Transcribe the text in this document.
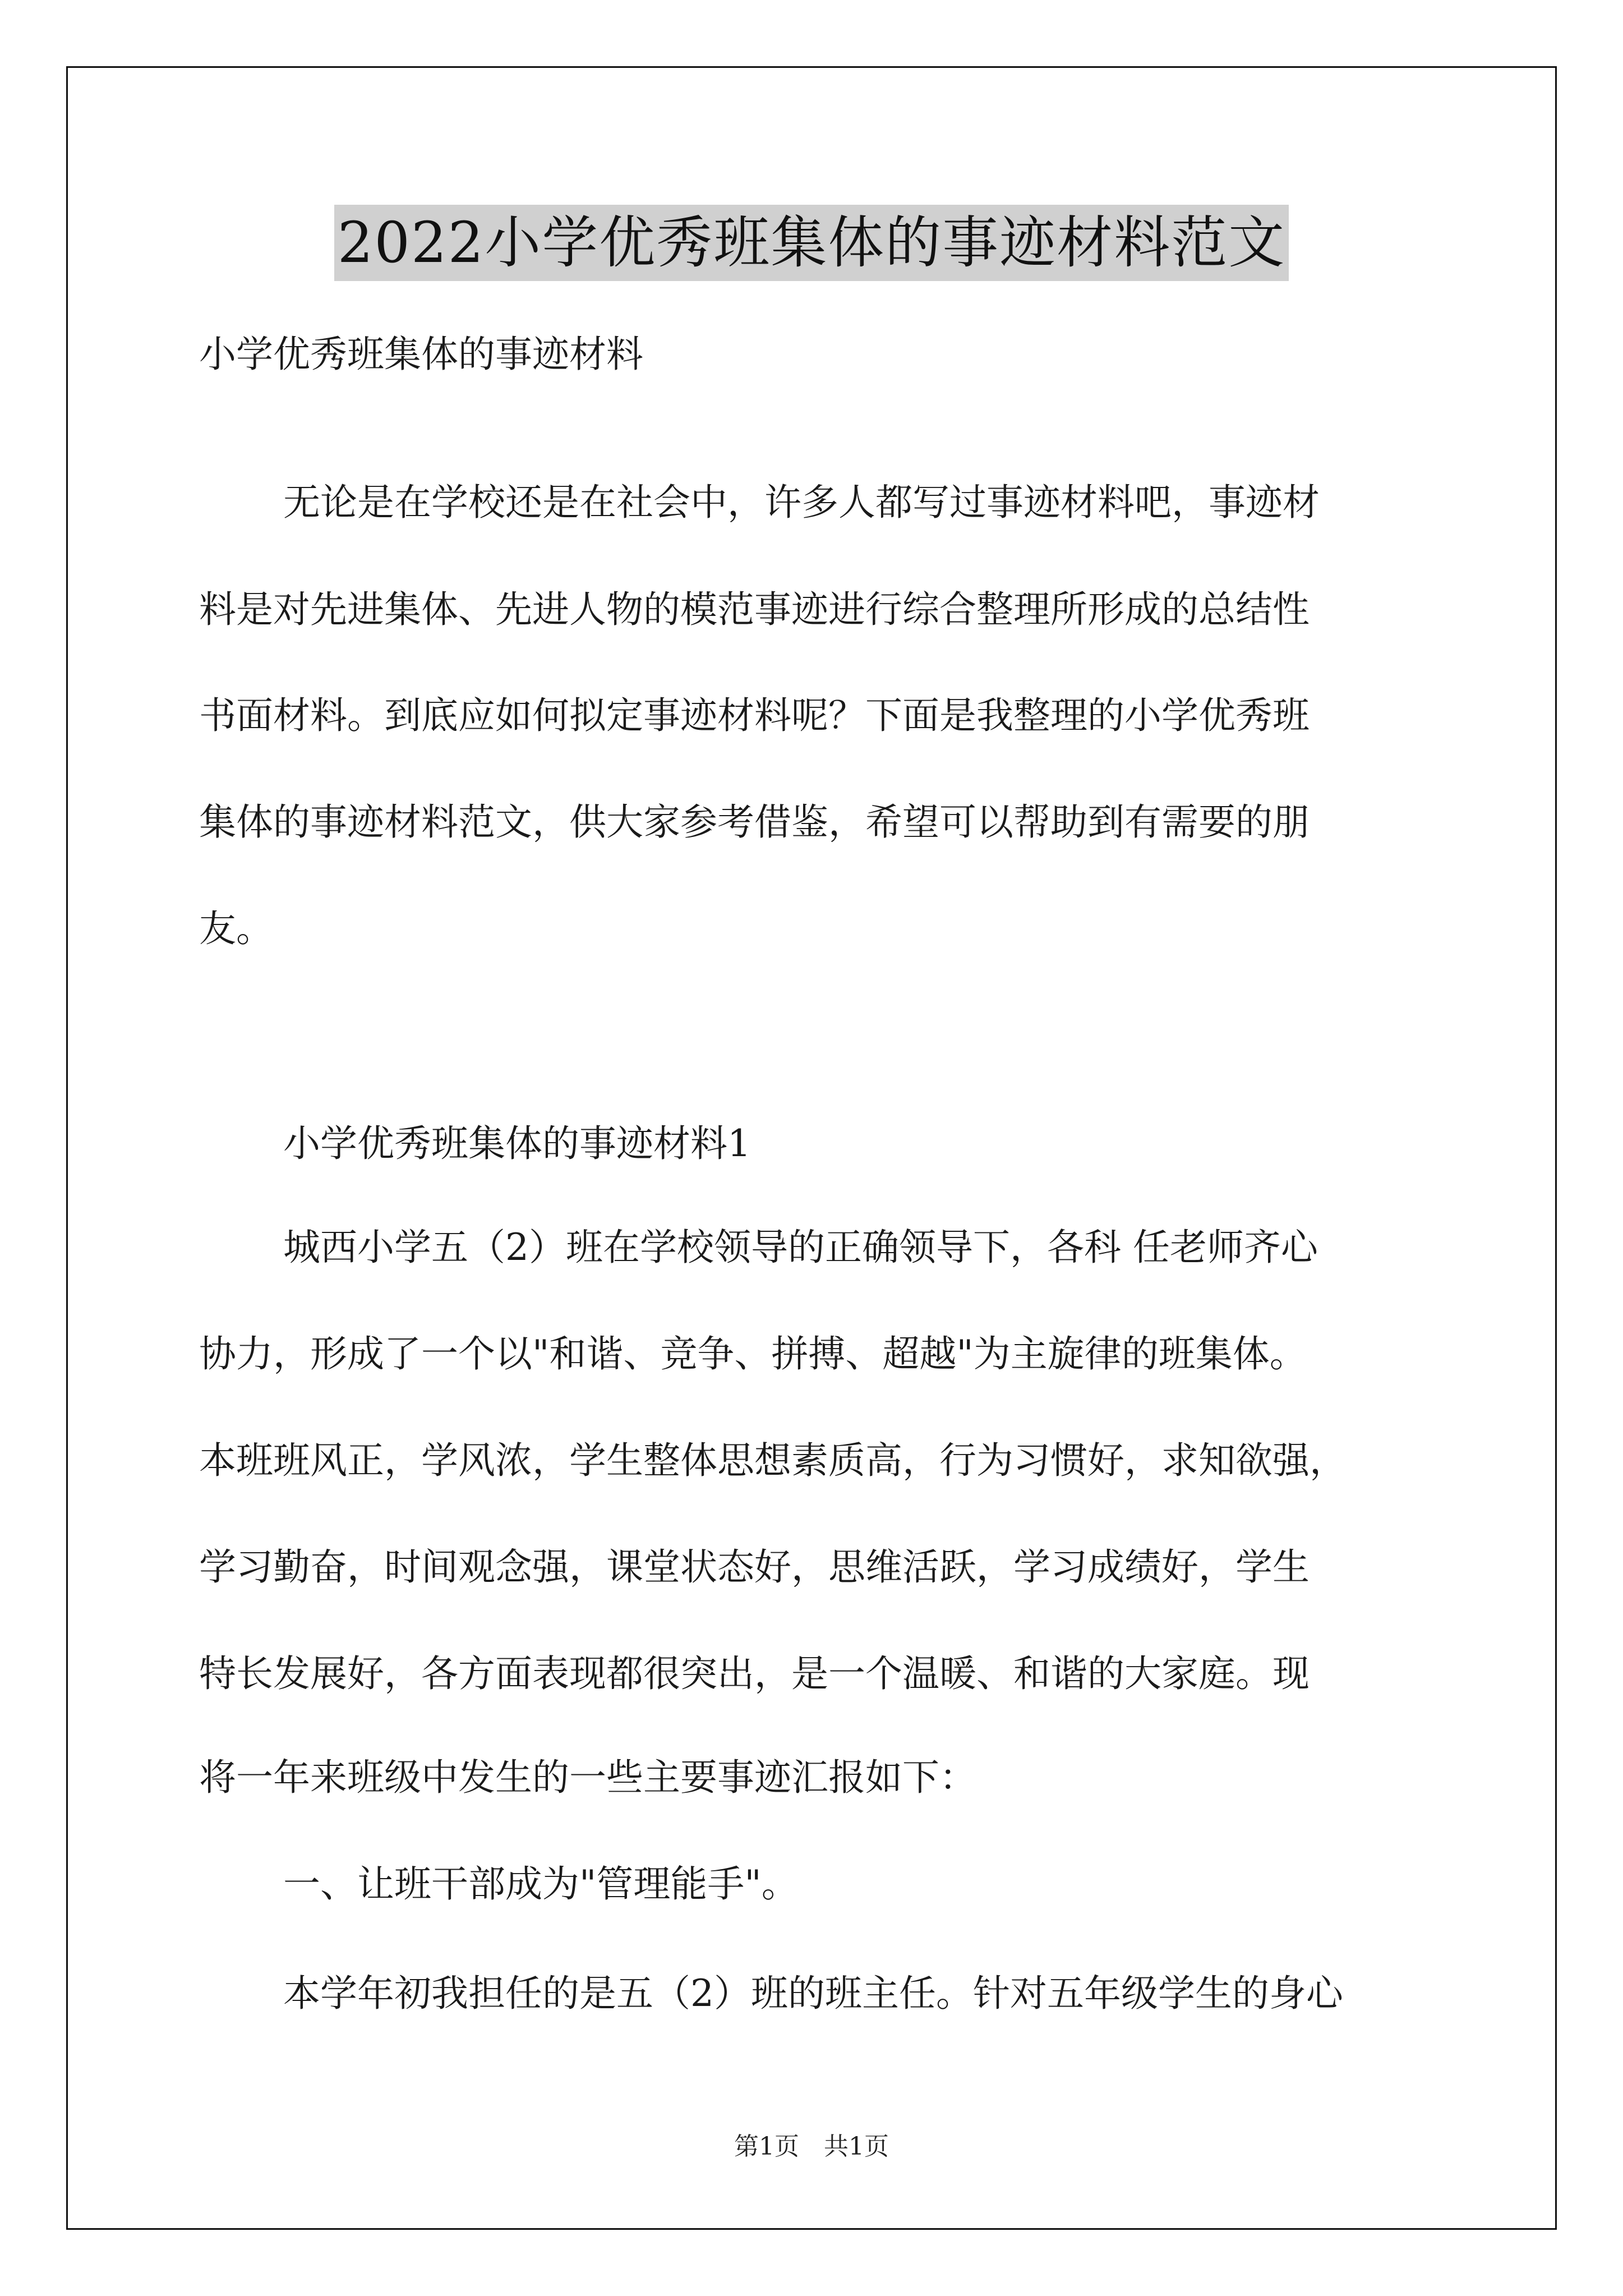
2022小学优秀班集体的事迹材料范文
小学优秀班集体的事迹材料
无论是在学校还是在社会中，许多人都写过事迹材料吧，事迹材
料是对先进集体、先进人物的模范事迹进行综合整理所形成的总结性
书面材料。到底应如何拟定事迹材料呢？下面是我整理的小学优秀班
集体的事迹材料范文，供大家参考借鉴，希望可以帮助到有需要的朋
友。
小学优秀班集体的事迹材料1
城西小学五（2）班在学校领导的正确领导下，各科 任老师齐心
协力，形成了一个以"和谐、竞争、拼搏、超越"为主旋律的班集体。
本班班风正，学风浓，学生整体思想素质高，行为习惯好，求知欲强，
学习勤奋，时间观念强，课堂状态好，思维活跃，学习成绩好，学生
特长发展好，各方面表现都很突出，是一个温暖、和谐的大家庭。现
将一年来班级中发生的一些主要事迹汇报如下：
一、让班干部成为"管理能手"。
本学年初我担任的是五（2）班的班主任。针对五年级学生的身心
第1页　共1页
